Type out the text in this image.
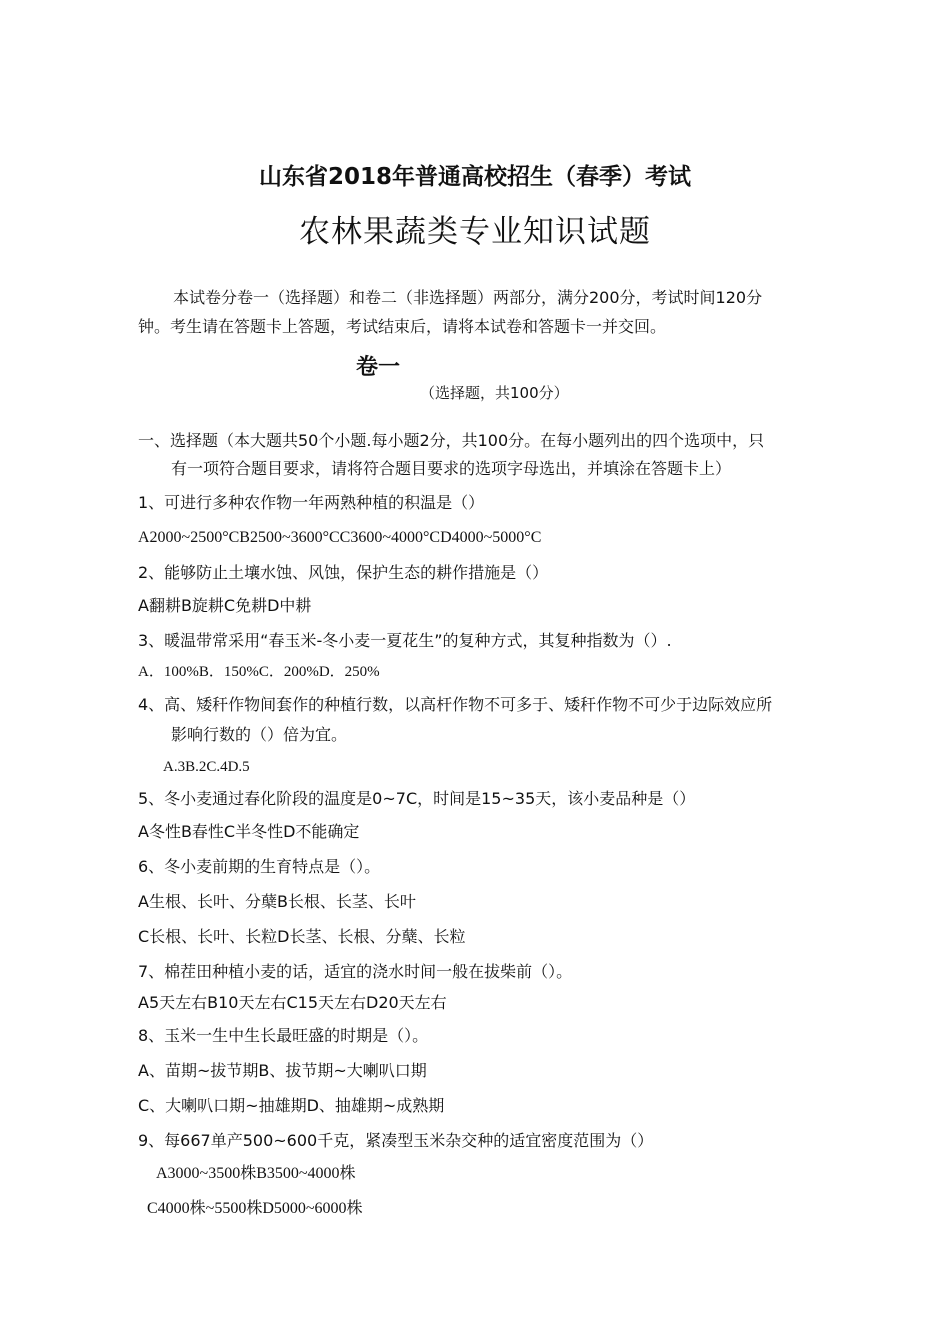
山东省2018年普通高校招生（春季）考试
农林果蔬类专业知识试题
本试卷分卷一（选择题）和卷二（非选择题）两部分，满分200分，考试时间120分
钟。考生请在答题卡上答题，考试结束后，请将本试卷和答题卡一并交回。
卷一
（选择题，共100分）
一、选择题（本大题共50个小题.每小题2分，共100分。在每小题列出的四个选项中，只
有一项符合题目要求，请将符合题目要求的选项字母选出，并填涂在答题卡上）
1、可进行多种农作物一年两熟种植的积温是（）
A2000~2500°CB2500~3600°CC3600~4000°CD4000~5000°C
2、能够防止土壤水蚀、风蚀，保护生态的耕作措施是（）
A翻耕B旋耕C免耕D中耕
3、暖温带常采用“春玉米-冬小麦一夏花生”的复种方式，其复种指数为（）.
A．100%B．150%C．200%D．250%
4、高、矮秆作物间套作的种植行数，以高杆作物不可多于、矮秆作物不可少于边际效应所
影响行数的（）倍为宜。
A.3B.2C.4D.5
5、冬小麦通过春化阶段的温度是0~7C，时间是15~35天，该小麦品种是（）
A冬性B春性C半冬性D不能确定
6、冬小麦前期的生育特点是（）。
A生根、长叶、分蘖B长根、长茎、长叶
C长根、长叶、长粒D长茎、长根、分蘖、长粒
7、棉茬田种植小麦的话，适宜的浇水时间一般在拔柴前（）。
A5天左右B10天左右C15天左右D20天左右
8、玉米一生中生长最旺盛的时期是（）。
A、苗期~拔节期B、拔节期~大喇叭口期
C、大喇叭口期~抽雄期D、抽雄期~成熟期
9、每667单产500~600千克，紧凑型玉米杂交种的适宜密度范围为（）
A3000~3500株B3500~4000株
C4000株~5500株D5000~6000株
